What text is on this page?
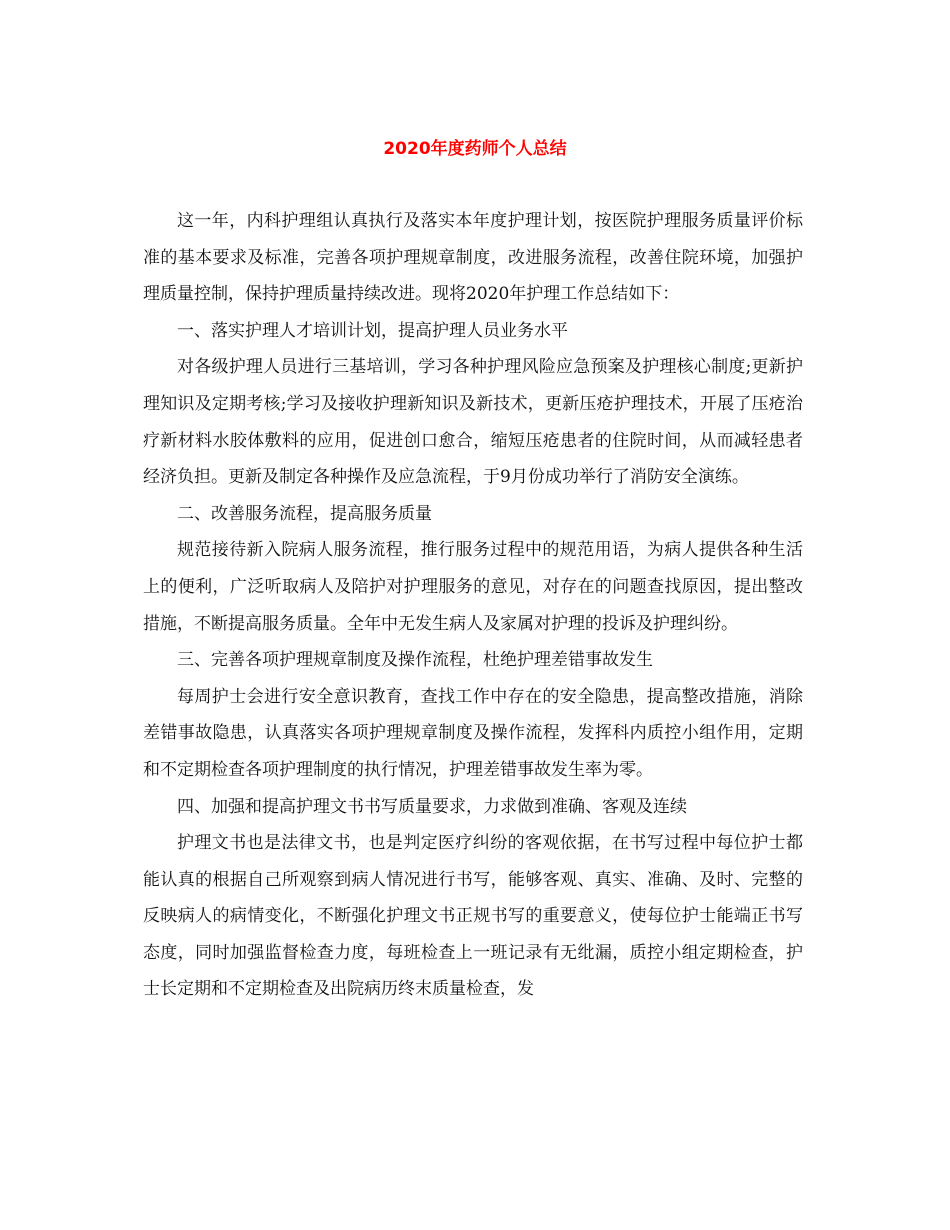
2020年度药师个人总结

这一年，内科护理组认真执行及落实本年度护理计划，按医院护理服务质量评价标准的基本要求及标准，完善各项护理规章制度，改进服务流程，改善住院环境，加强护理质量控制，保持护理质量持续改进。现将2020年护理工作总结如下：

一、落实护理人才培训计划，提高护理人员业务水平

对各级护理人员进行三基培训，学习各种护理风险应急预案及护理核心制度;更新护理知识及定期考核;学习及接收护理新知识及新技术，更新压疮护理技术，开展了压疮治疗新材料水胶体敷料的应用，促进创口愈合，缩短压疮患者的住院时间，从而减轻患者经济负担。更新及制定各种操作及应急流程，于9月份成功举行了消防安全演练。

二、改善服务流程，提高服务质量

规范接待新入院病人服务流程，推行服务过程中的规范用语，为病人提供各种生活上的便利，广泛听取病人及陪护对护理服务的意见，对存在的问题查找原因，提出整改措施，不断提高服务质量。全年中无发生病人及家属对护理的投诉及护理纠纷。

三、完善各项护理规章制度及操作流程，杜绝护理差错事故发生

每周护士会进行安全意识教育，查找工作中存在的安全隐患，提高整改措施，消除差错事故隐患，认真落实各项护理规章制度及操作流程，发挥科内质控小组作用，定期和不定期检查各项护理制度的执行情况，护理差错事故发生率为零。

四、加强和提高护理文书书写质量要求，力求做到准确、客观及连续

护理文书也是法律文书，也是判定医疗纠纷的客观依据，在书写过程中每位护士都能认真的根据自己所观察到病人情况进行书写，能够客观、真实、准确、及时、完整的反映病人的病情变化，不断强化护理文书正规书写的重要意义，使每位护士能端正书写态度，同时加强监督检查力度，每班检查上一班记录有无纰漏，质控小组定期检查，护士长定期和不定期检查及出院病历终末质量检查，发
